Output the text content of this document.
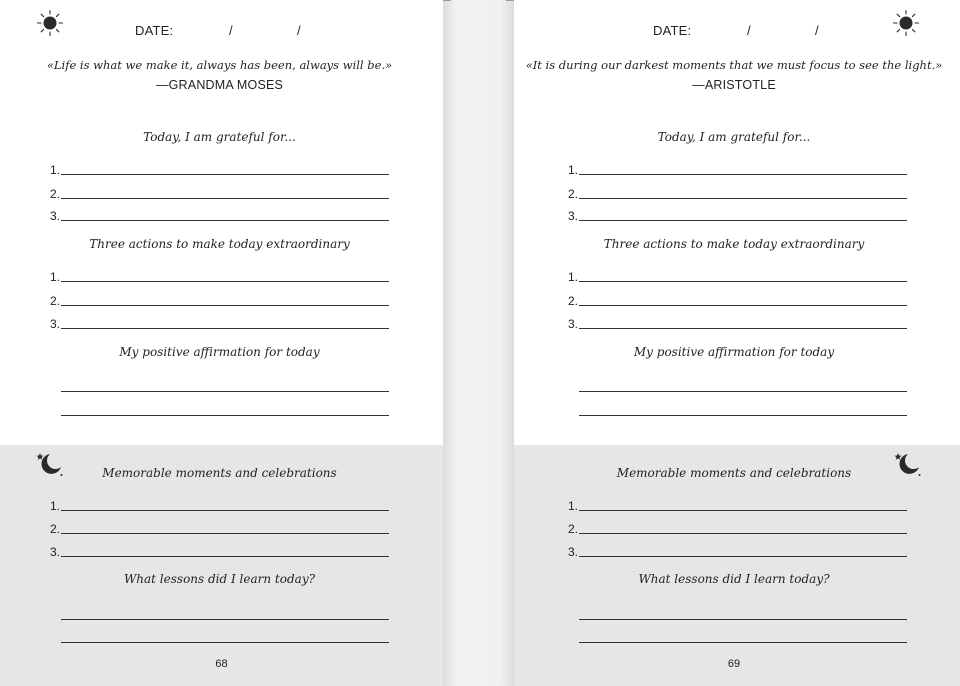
DATE:	/	/
«Life is what we make it, always has been, always will be.»
—GRANDMA MOSES
Today, I am grateful for...
1.
2.
3.
Three actions to make today extraordinary
1.
2.
3.
My positive affirmation for today
Memorable moments and celebrations
1.
2.
3.
What lessons did I learn today?
68
DATE:	/	/
«It is during our darkest moments that we must focus to see the light.»
—ARISTOTLE
Today, I am grateful for...
1.
2.
3.
Three actions to make today extraordinary
1.
2.
3.
My positive affirmation for today
Memorable moments and celebrations
1.
2.
3.
What lessons did I learn today?
69
